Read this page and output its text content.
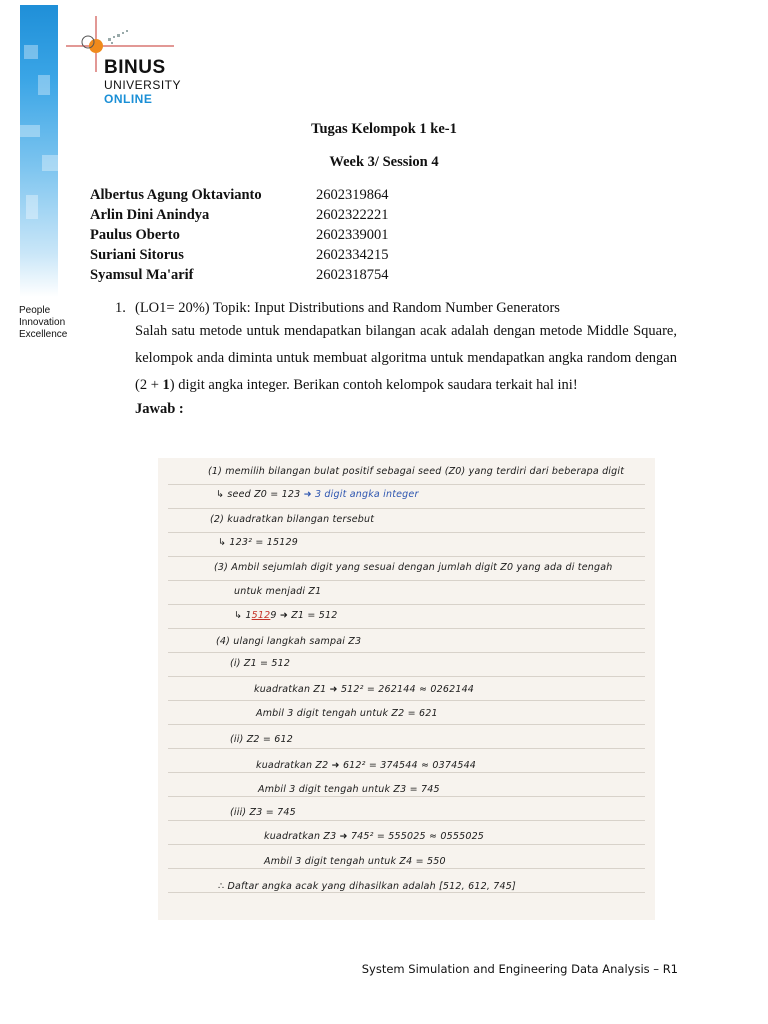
BINUS
UNIVERSITY
ONLINE
People
Innovation
Excellence
Tugas Kelompok 1 ke-1
Week 3/ Session 4
Albertus Agung Oktavianto	2602319864
Arlin Dini Anindya	2602322221
Paulus Oberto	2602339001
Suriani Sitorus	2602334215
Syamsul Ma'arif	2602318754
1. (LO1= 20%) Topik: Input Distributions and Random Number Generators
Salah satu metode untuk mendapatkan bilangan acak adalah dengan metode Middle Square, kelompok anda diminta untuk membuat algoritma untuk mendapatkan angka random dengan (2 + 1) digit angka integer. Berikan contoh kelompok saudara terkait hal ini!
Jawab :
(1) memilih bilangan bulat positif sebagai seed (Z0) yang terdiri dari beberapa digit
↳ seed Z0 = 123 ➜ 3 digit angka integer
(2) kuadratkan bilangan tersebut
↳ 123² = 15129
(3) Ambil sejumlah digit yang sesuai dengan jumlah digit Z0 yang ada di tengah
untuk menjadi Z1
↳ 15129 ➜ Z1 = 512
(4) ulangi langkah sampai Z3
(i) Z1 = 512
kuadratkan Z1 ➜ 512² = 262144 ≈ 0262144
Ambil 3 digit tengah untuk Z2 = 621
(ii) Z2 = 612
kuadratkan Z2 ➜ 612² = 374544 ≈ 0374544
Ambil 3 digit tengah untuk Z3 = 745
(iii) Z3 = 745
kuadratkan Z3 ➜ 745² = 555025 ≈ 0555025
Ambil 3 digit tengah untuk Z4 = 550
∴ Daftar angka acak yang dihasilkan adalah [512, 612, 745]
System Simulation and Engineering Data Analysis – R1
